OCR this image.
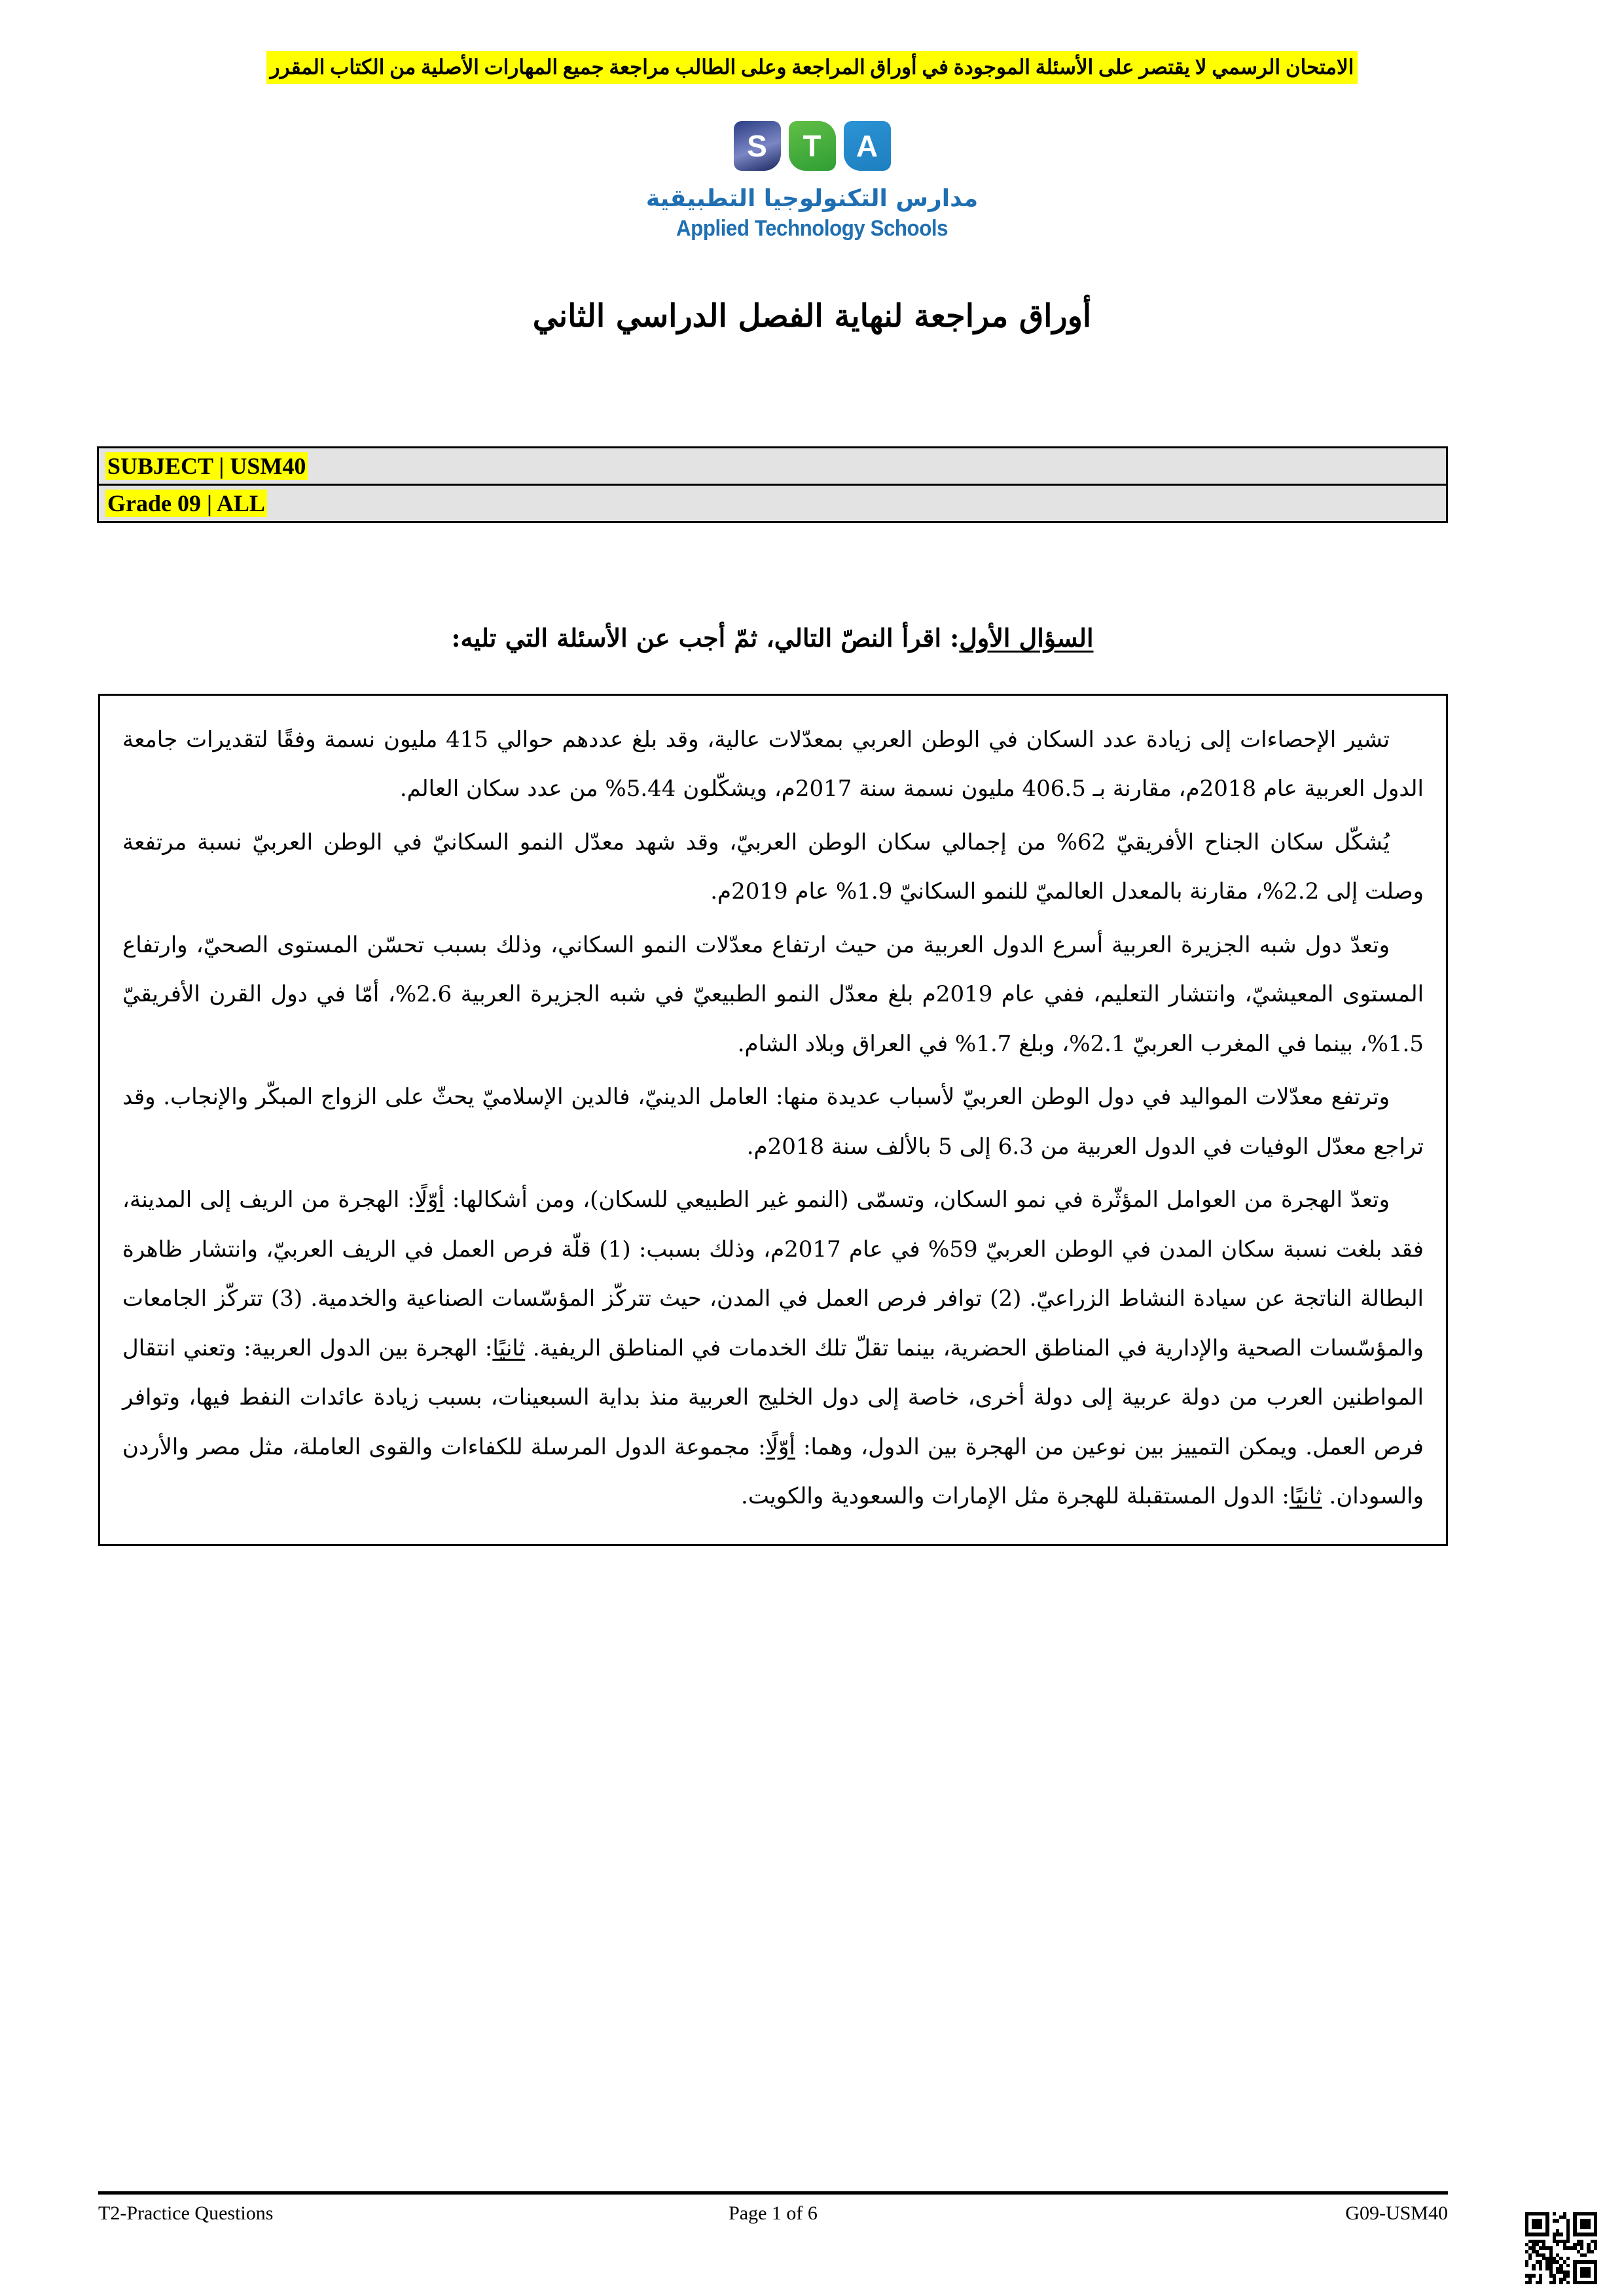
الامتحان الرسمي لا يقتصر على الأسئلة الموجودة في أوراق المراجعة وعلى الطالب مراجعة جميع المهارات الأصلية من الكتاب المقرر
A
T
S
مدارس التكنولوجيا التطبيقية
Applied Technology Schools
أوراق مراجعة لنهاية الفصل الدراسي الثاني
SUBJECT | USM40
Grade 09 | ALL
السؤال الأول: اقرأ النصّ التالي، ثمّ أجب عن الأسئلة التي تليه:

تشير الإحصاءات إلى زيادة عدد السكان في الوطن العربي بمعدّلات عالية، وقد بلغ عددهم حوالي 415 مليون نسمة وفقًا لتقديرات جامعة الدول العربية عام 2018م، مقارنة بـ 406.5 مليون نسمة سنة 2017م، ويشكّلون 5.44% من عدد سكان العالم.

يُشكّل سكان الجناح الأفريقيّ 62% من إجمالي سكان الوطن العربيّ، وقد شهد معدّل النمو السكانيّ في الوطن العربيّ نسبة مرتفعة وصلت إلى 2.2%، مقارنة بالمعدل العالميّ للنمو السكانيّ 1.9% عام 2019م.

وتعدّ دول شبه الجزيرة العربية أسرع الدول العربية من حيث ارتفاع معدّلات النمو السكاني، وذلك بسبب تحسّن المستوى الصحيّ، وارتفاع المستوى المعيشيّ، وانتشار التعليم، ففي عام 2019م بلغ معدّل النمو الطبيعيّ في شبه الجزيرة العربية 2.6%، أمّا في دول القرن الأفريقيّ 1.5%، بينما في المغرب العربيّ 2.1%، وبلغ 1.7% في العراق وبلاد الشام.

وترتفع معدّلات المواليد في دول الوطن العربيّ لأسباب عديدة منها: العامل الدينيّ، فالدين الإسلاميّ يحثّ على الزواج المبكّر والإنجاب. وقد تراجع معدّل الوفيات في الدول العربية من 6.3 إلى 5 بالألف سنة 2018م.

وتعدّ الهجرة من العوامل المؤثّرة في نمو السكان، وتسمّى (النمو غير الطبيعي للسكان)، ومن أشكالها: أوّلًا: الهجرة من الريف إلى المدينة، فقد بلغت نسبة سكان المدن في الوطن العربيّ 59% في عام 2017م، وذلك بسبب: (1) قلّة فرص العمل في الريف العربيّ، وانتشار ظاهرة البطالة الناتجة عن سيادة النشاط الزراعيّ. (2) توافر فرص العمل في المدن، حيث تتركّز المؤسّسات الصناعية والخدمية. (3) تتركّز الجامعات والمؤسّسات الصحية والإدارية في المناطق الحضرية، بينما تقلّ تلك الخدمات في المناطق الريفية. ثانيًا: الهجرة بين الدول العربية: وتعني انتقال المواطنين العرب من دولة عربية إلى دولة أخرى، خاصة إلى دول الخليج العربية منذ بداية السبعينات، بسبب زيادة عائدات النفط فيها، وتوافر فرص العمل. ويمكن التمييز بين نوعين من الهجرة بين الدول، وهما: أوّلًا: مجموعة الدول المرسلة للكفاءات والقوى العاملة، مثل مصر والأردن والسودان. ثانيًا: الدول المستقبلة للهجرة مثل الإمارات والسعودية والكويت.

T2-Practice Questions	Page 1 of 6	G09-USM40
